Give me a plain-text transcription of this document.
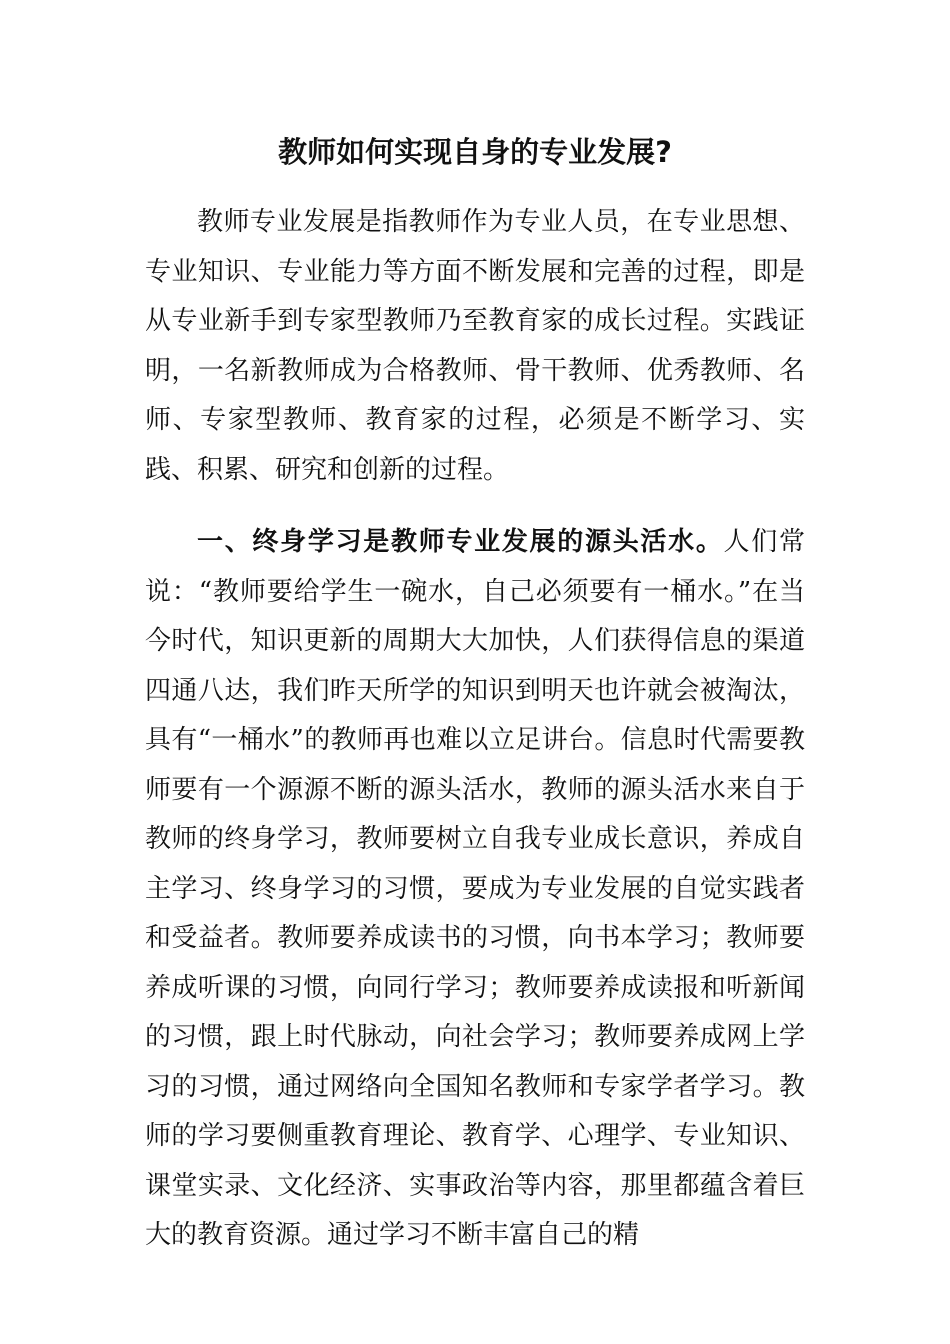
教师如何实现自身的专业发展?

教师专业发展是指教师作为专业人员，在专业思想、专业知识、专业能力等方面不断发展和完善的过程，即是从专业新手到专家型教师乃至教育家的成长过程。实践证明，一名新教师成为合格教师、骨干教师、优秀教师、名师、专家型教师、教育家的过程，必须是不断学习、实践、积累、研究和创新的过程。

一、终身学习是教师专业发展的源头活水。人们常说：“教师要给学生一碗水，自己必须要有一桶水。”在当今时代，知识更新的周期大大加快，人们获得信息的渠道四通八达，我们昨天所学的知识到明天也许就会被淘汰，具有“一桶水”的教师再也难以立足讲台。信息时代需要教师要有一个源源不断的源头活水，教师的源头活水来自于教师的终身学习，教师要树立自我专业成长意识，养成自主学习、终身学习的习惯，要成为专业发展的自觉实践者和受益者。教师要养成读书的习惯，向书本学习；教师要养成听课的习惯，向同行学习；教师要养成读报和听新闻的习惯，跟上时代脉动，向社会学习；教师要养成网上学习的习惯，通过网络向全国知名教师和专家学者学习。教师的学习要侧重教育理论、教育学、心理学、专业知识、课堂实录、文化经济、实事政治等内容，那里都蕴含着巨大的教育资源。通过学习不断丰富自己的精
